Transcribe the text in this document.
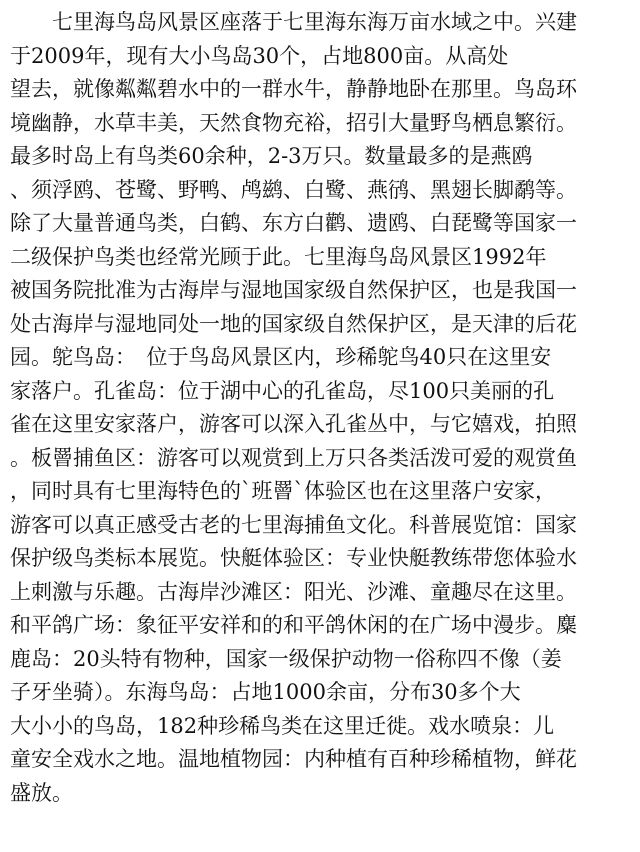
　　七里海鸟岛风景区座落于七里海东海万亩水域之中。兴建
于2009年，现有大小鸟岛30个，占地800亩。从高处
望去，就像粼粼碧水中的一群水牛，静静地卧在那里。鸟岛环
境幽静，水草丰美，天然食物充裕，招引大量野鸟栖息繁衍。
最多时岛上有鸟类60余种，2-3万只。数量最多的是燕鸥
、须浮鸥、苍鹭、野鸭、鸬鹚、白鹭、燕鸻、黑翅长脚鹬等。
除了大量普通鸟类，白鹤、东方白鹳、遗鸥、白琵鹭等国家一
二级保护鸟类也经常光顾于此。七里海鸟岛风景区1992年
被国务院批准为古海岸与湿地国家级自然保护区，也是我国一
处古海岸与湿地同处一地的国家级自然保护区，是天津的后花
园。鸵鸟岛：　位于鸟岛风景区内，珍稀鸵鸟40只在这里安
家落户。孔雀岛：位于湖中心的孔雀岛，尽100只美丽的孔
雀在这里安家落户，游客可以深入孔雀丛中，与它嬉戏，拍照
。板罾捕鱼区：游客可以观赏到上万只各类活泼可爱的观赏鱼
，同时具有七里海特色的`班罾`体验区也在这里落户安家，
游客可以真正感受古老的七里海捕鱼文化。科普展览馆：国家
保护级鸟类标本展览。快艇体验区：专业快艇教练带您体验水
上刺激与乐趣。古海岸沙滩区：阳光、沙滩、童趣尽在这里。
和平鸽广场：象征平安祥和的和平鸽休闲的在广场中漫步。麋
鹿岛：20头特有物种，国家一级保护动物一俗称四不像（姜
子牙坐骑）。东海鸟岛：占地1000余亩，分布30多个大
大小小的鸟岛，182种珍稀鸟类在这里迁徙。戏水喷泉：儿
童安全戏水之地。温地植物园：内种植有百种珍稀植物，鲜花
盛放。
